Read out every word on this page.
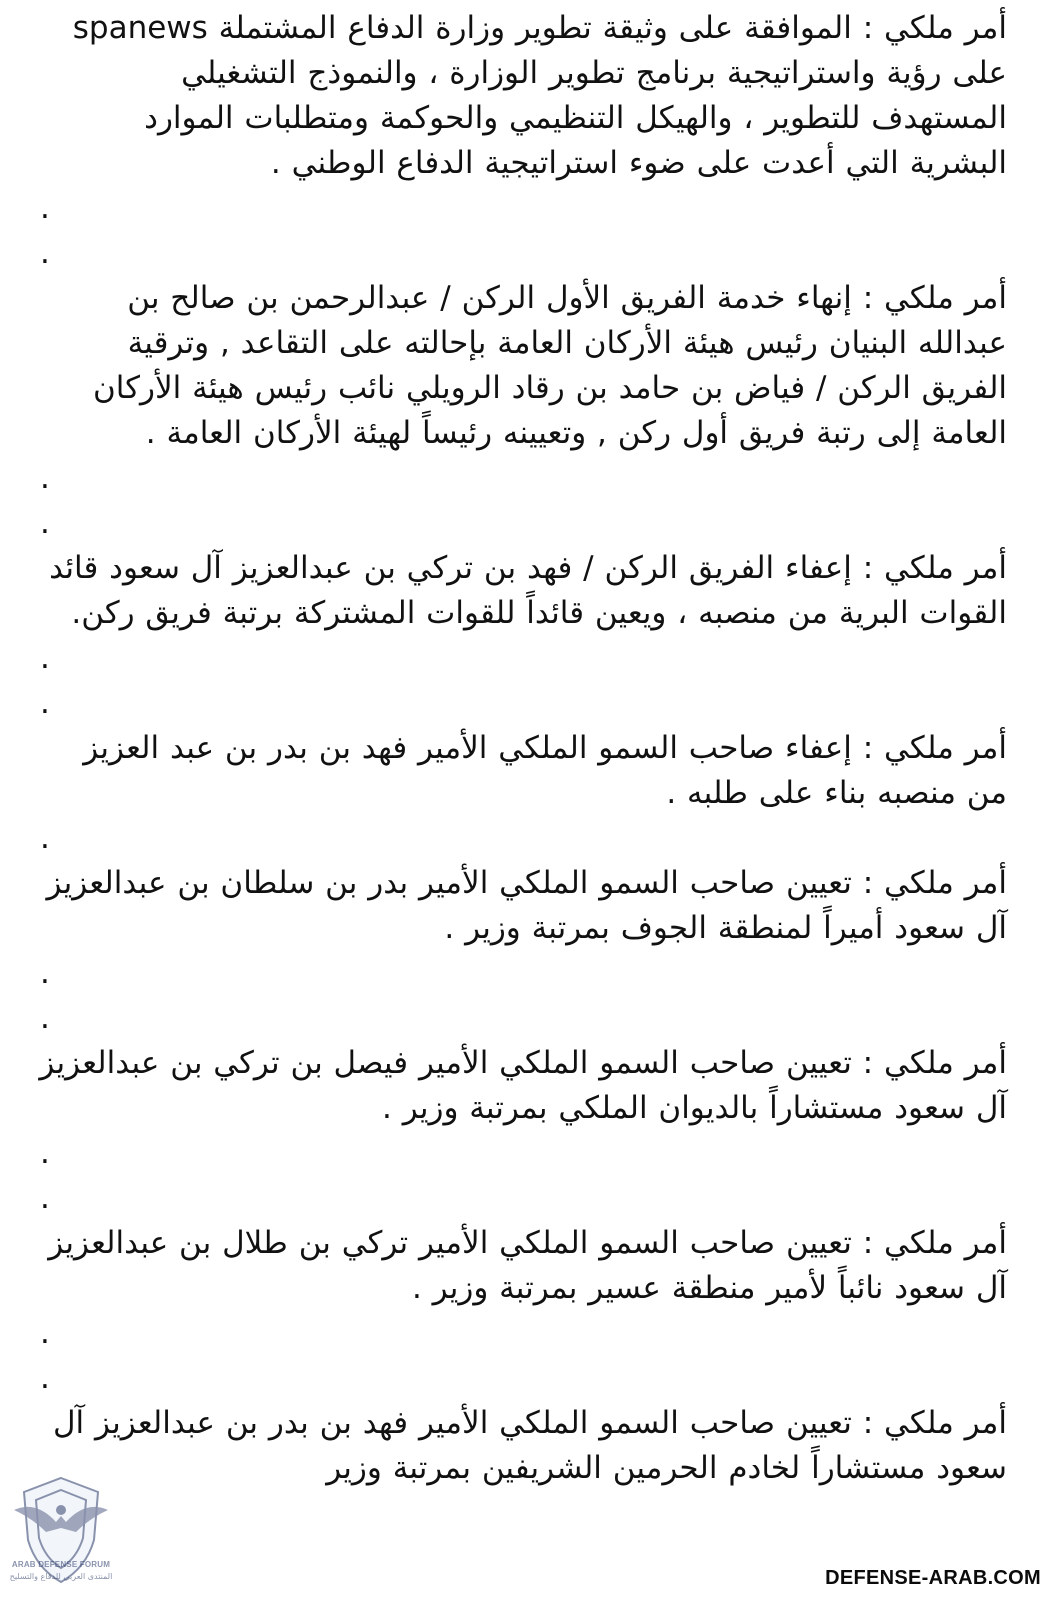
أمر ملكي : الموافقة على وثيقة تطوير وزارة الدفاع المشتملة spanews على رؤية واستراتيجية برنامج تطوير الوزارة ، والنموذج التشغيلي المستهدف للتطوير ، والهيكل التنظيمي والحوكمة ومتطلبات الموارد البشرية التي أعدت على ضوء استراتيجية الدفاع الوطني .

.
.

أمر ملكي : إنهاء خدمة الفريق الأول الركن / عبدالرحمن بن صالح بن عبدالله البنيان رئيس هيئة الأركان العامة بإحالته على التقاعد , وترقية الفريق الركن / فياض بن حامد بن رقاد الرويلي نائب رئيس هيئة الأركان العامة إلى رتبة فريق أول ركن , وتعيينه رئيساً لهيئة الأركان العامة .

.
.

أمر ملكي : إعفاء الفريق الركن / فهد بن تركي بن عبدالعزيز آل سعود قائد القوات البرية من منصبه ، ويعين قائداً للقوات المشتركة برتبة فريق ركن.

.
.

أمر ملكي : إعفاء صاحب السمو الملكي الأمير فهد بن بدر بن عبد العزيز من منصبه بناء على طلبه .

.

أمر ملكي : تعيين صاحب السمو الملكي الأمير بدر بن سلطان بن عبدالعزيز آل سعود أميراً لمنطقة الجوف بمرتبة وزير .

.
.

أمر ملكي : تعيين صاحب السمو الملكي الأمير فيصل بن تركي بن عبدالعزيز آل سعود مستشاراً بالديوان الملكي بمرتبة وزير .

.
.

أمر ملكي : تعيين صاحب السمو الملكي الأمير تركي بن طلال بن عبدالعزيز آل سعود نائباً لأمير منطقة عسير بمرتبة وزير .

.
.

أمر ملكي : تعيين صاحب السمو الملكي الأمير فهد بن بدر بن عبدالعزيز آل سعود مستشاراً لخادم الحرمين الشريفين بمرتبة وزير

ARAB DEFENSE FORUM
المنتدى العربي للدفاع والتسليح	DEFENSE-ARAB.COM
